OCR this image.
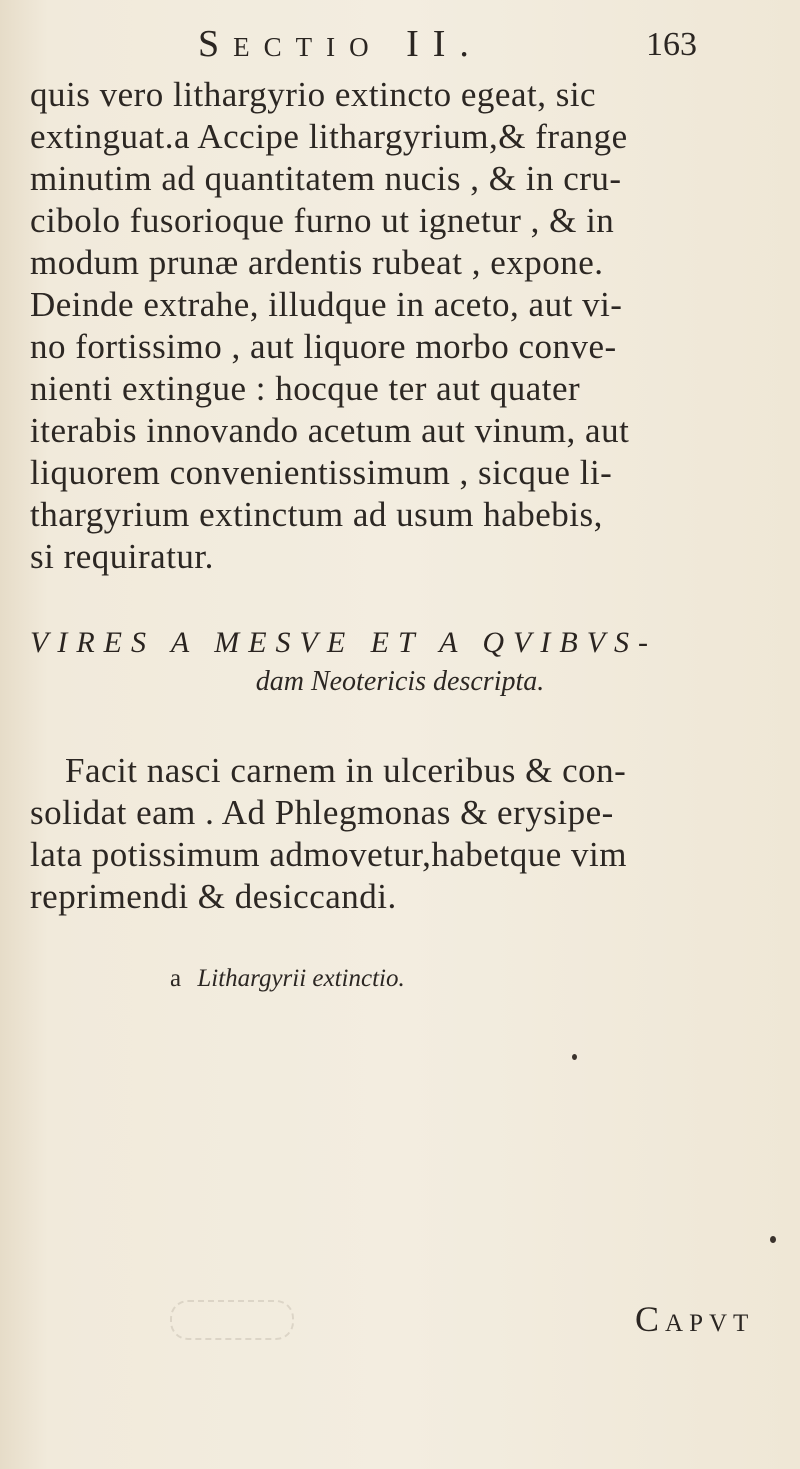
Sectio II.	163
quis vero lithargyrio extincto egeat, sic
extinguat.a Accipe lithargyrium,& frange
minutim ad quantitatem nucis , & in cru-
cibolo fusorioque furno ut ignetur , & in
modum prunæ ardentis rubeat , expone.
Deinde extrahe, illudque in aceto, aut vi-
no fortissimo , aut liquore morbo conve-
nienti extingue : hocque ter aut quater
iterabis innovando acetum aut vinum, aut
liquorem convenientissimum , sicque li-
thargyrium extinctum ad usum habebis,
si requiratur.
VIRES A MESVE ET A QVIBVS-
dam Neotericis descripta.
Facit nasci carnem in ulceribus & con-
solidat eam . Ad Phlegmonas & erysipe-
lata potissimum admovetur,habetque vim
reprimendi & desiccandi.
a Lithargyrii extinctio.
Capvt
